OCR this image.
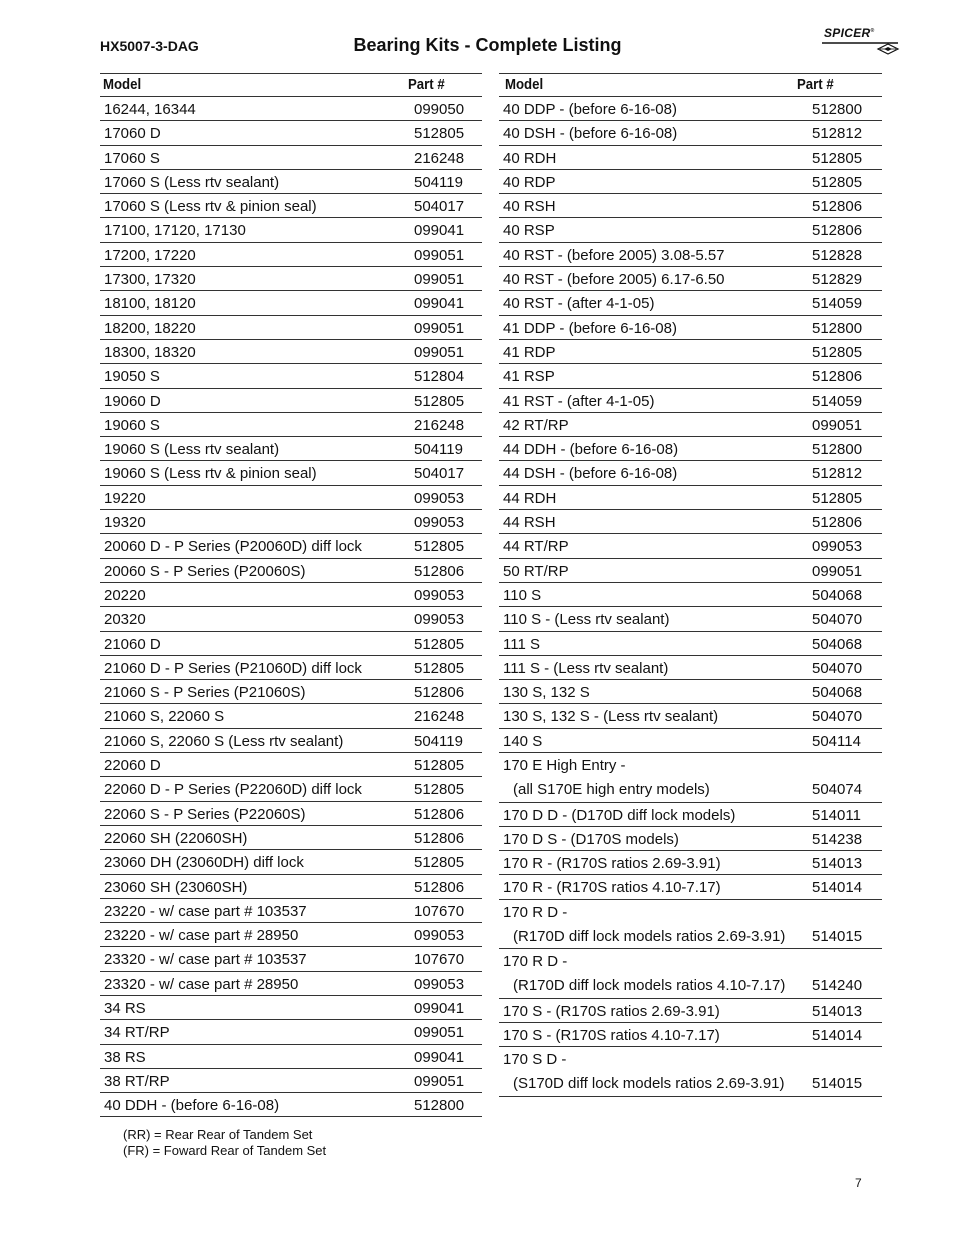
HX5007-3-DAG	Bearing Kits - Complete Listing
SPICER®
Model	Part #
16244, 16344	099050
17060 D	512805
17060 S	216248
17060 S (Less rtv sealant)	504119
17060 S (Less rtv & pinion seal)	504017
17100, 17120, 17130	099041
17200, 17220	099051
17300, 17320	099051
18100, 18120	099041
18200, 18220	099051
18300, 18320	099051
19050 S	512804
19060 D	512805
19060 S	216248
19060 S (Less rtv sealant)	504119
19060 S (Less rtv & pinion seal)	504017
19220	099053
19320	099053
20060 D - P Series (P20060D) diff lock	512805
20060 S - P Series (P20060S)	512806
20220	099053
20320	099053
21060 D	512805
21060 D - P Series (P21060D) diff lock	512805
21060 S - P Series (P21060S)	512806
21060 S, 22060 S	216248
21060 S, 22060 S (Less rtv sealant)	504119
22060 D	512805
22060 D - P Series (P22060D) diff lock	512805
22060 S - P Series (P22060S)	512806
22060 SH (22060SH)	512806
23060 DH (23060DH) diff lock	512805
23060 SH (23060SH)	512806
23220 - w/ case part # 103537	107670
23220 - w/ case part # 28950	099053
23320 - w/ case part # 103537	107670
23320 - w/ case part # 28950	099053
34 RS	099041
34 RT/RP	099051
38 RS	099041
38 RT/RP	099051
40 DDH - (before 6-16-08)	512800
Model	Part #
40 DDP - (before 6-16-08)	512800
40 DSH - (before 6-16-08)	512812
40 RDH	512805
40 RDP	512805
40 RSH	512806
40 RSP	512806
40 RST - (before 2005) 3.08-5.57	512828
40 RST - (before 2005) 6.17-6.50	512829
40 RST - (after 4-1-05)	514059
41 DDP - (before 6-16-08)	512800
41 RDP	512805
41 RSP	512806
41 RST - (after 4-1-05)	514059
42 RT/RP	099051
44 DDH - (before 6-16-08)	512800
44 DSH - (before 6-16-08)	512812
44 RDH	512805
44 RSH	512806
44 RT/RP	099053
50 RT/RP	099051
110 S	504068
110 S - (Less rtv sealant)	504070
111 S	504068
111 S - (Less rtv sealant)	504070
130 S, 132 S	504068
130 S, 132 S - (Less rtv sealant)	504070
140 S	504114
170 E High Entry -
(all S170E high entry models)	504074
170 D D - (D170D diff lock models)	514011
170 D S - (D170S models)	514238
170 R - (R170S ratios 2.69-3.91)	514013
170 R - (R170S ratios 4.10-7.17)	514014
170 R D -
(R170D diff lock models ratios 2.69-3.91) 514015
170 R D -
(R170D diff lock models ratios 4.10-7.17) 514240
170 S - (R170S ratios 2.69-3.91)	514013
170 S - (R170S ratios 4.10-7.17)	514014
170 S D -
(S170D diff lock models ratios 2.69-3.91) 514015
(RR) = Rear Rear of Tandem Set
(FR) = Foward Rear of Tandem Set
7
